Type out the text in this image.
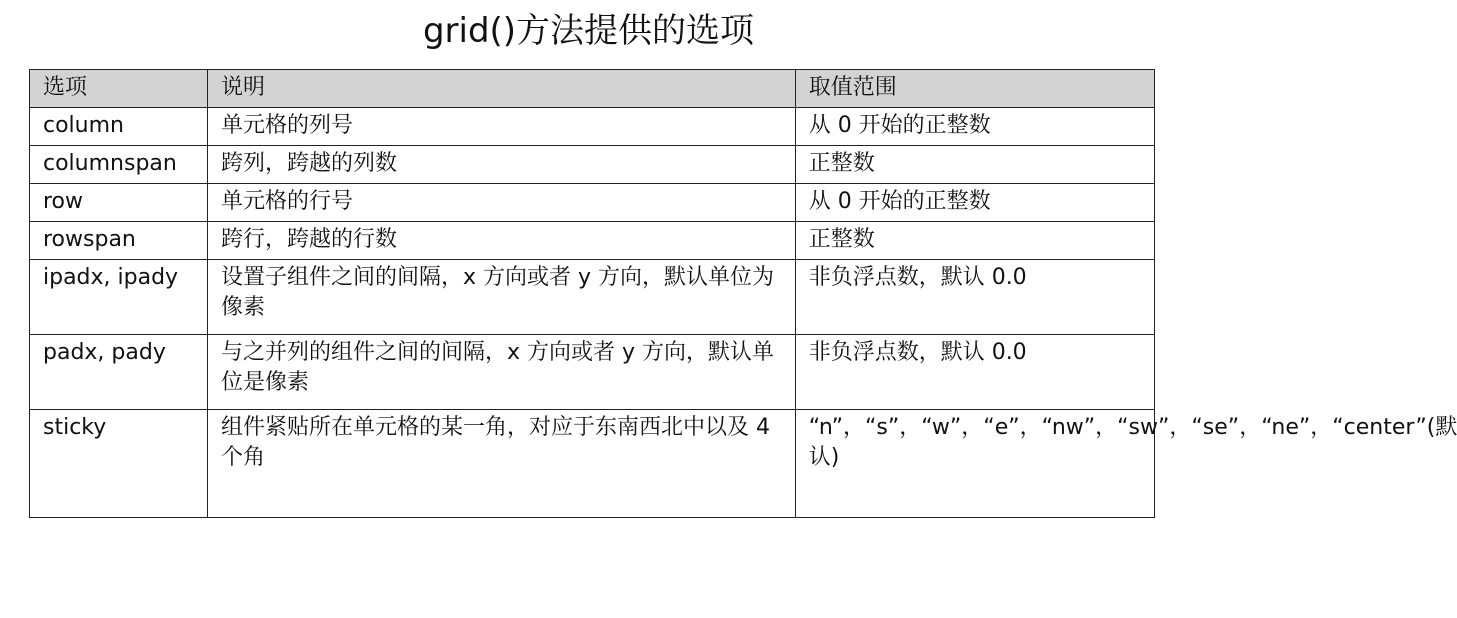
grid()方法提供的选项
选项	说明	取值范围
column	单元格的列号	从 0 开始的正整数
columnspan	跨列，跨越的列数	正整数
row	单元格的行号	从 0 开始的正整数
rowspan	跨行，跨越的行数	正整数
ipadx, ipady	设置子组件之间的间隔，x 方向或者 y 方向，默认单位为像素	非负浮点数，默认 0.0
padx, pady	与之并列的组件之间的间隔，x 方向或者 y 方向，默认单位是像素	非负浮点数，默认 0.0
sticky	组件紧贴所在单元格的某一角，对应于东南西北中以及 4 个角	“n”，“s”，“w”，“e”，“nw”，“sw”，“se”，“ne”，“center”(默认)
